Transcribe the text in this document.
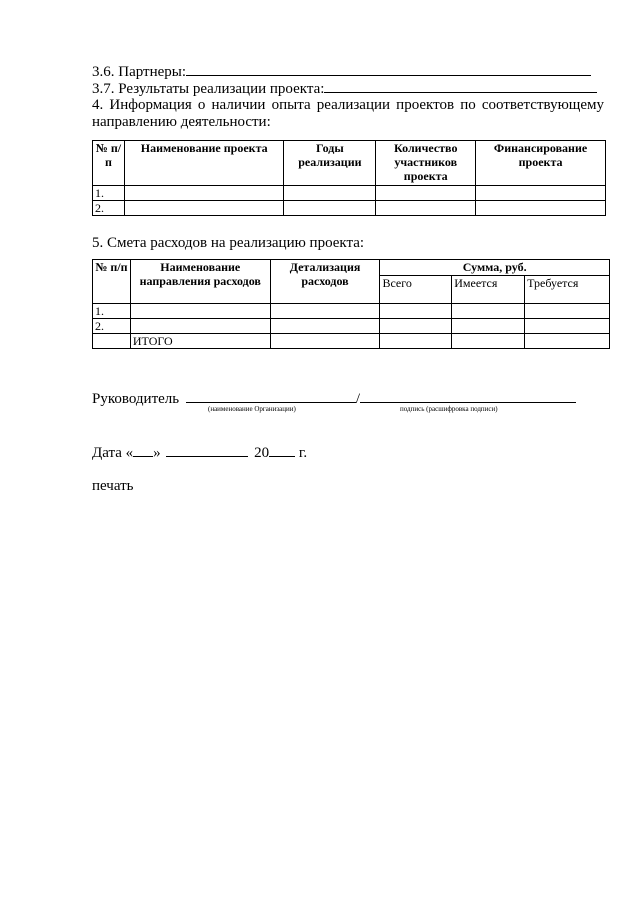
3.6. Партнеры:
3.7. Результаты реализации проекта:
4. Информация о наличии опыта реализации проектов по соответствующему направлению деятельности:
№ п/п	Наименование проекта	Годы реализации	Количество участников проекта	Финансирование проекта
1.				
2.				
5. Смета расходов на реализацию проекта:
№ п/п	Наименование направления расходов	Детализация расходов	Сумма, руб.		
			Всего	Имеется	Требуется
1.					
2.					
	ИТОГО				
Руководитель	/
(наименование Организации)	подпись (расшифровка подписи)
Дата « »	20 г.
печать
